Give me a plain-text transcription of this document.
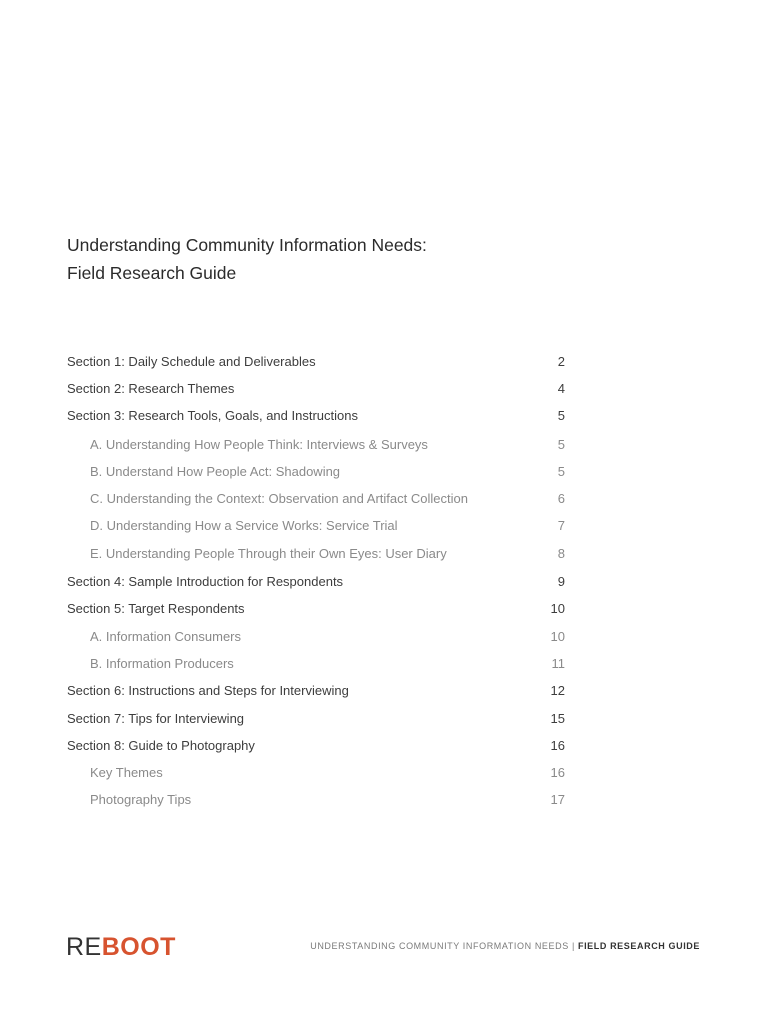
Understanding Community Information Needs:
Field Research Guide
Section 1: Daily Schedule and Deliverables	2
Section 2: Research Themes	4
Section 3: Research Tools, Goals, and Instructions	5
A. Understanding How People Think: Interviews & Surveys	5
B. Understand How People Act: Shadowing	5
C. Understanding the Context: Observation and Artifact Collection	6
D. Understanding How a Service Works: Service Trial	7
E. Understanding People Through their Own Eyes: User Diary	8
Section 4: Sample Introduction for Respondents	9
Section 5: Target Respondents	10
A. Information Consumers	10
B. Information Producers	11
Section 6: Instructions and Steps for Interviewing	12
Section 7: Tips for Interviewing	15
Section 8: Guide to Photography	16
Key Themes	16
Photography Tips	17
REBOOT	UNDERSTANDING COMMUNITY INFORMATION NEEDS | FIELD RESEARCH GUIDE
